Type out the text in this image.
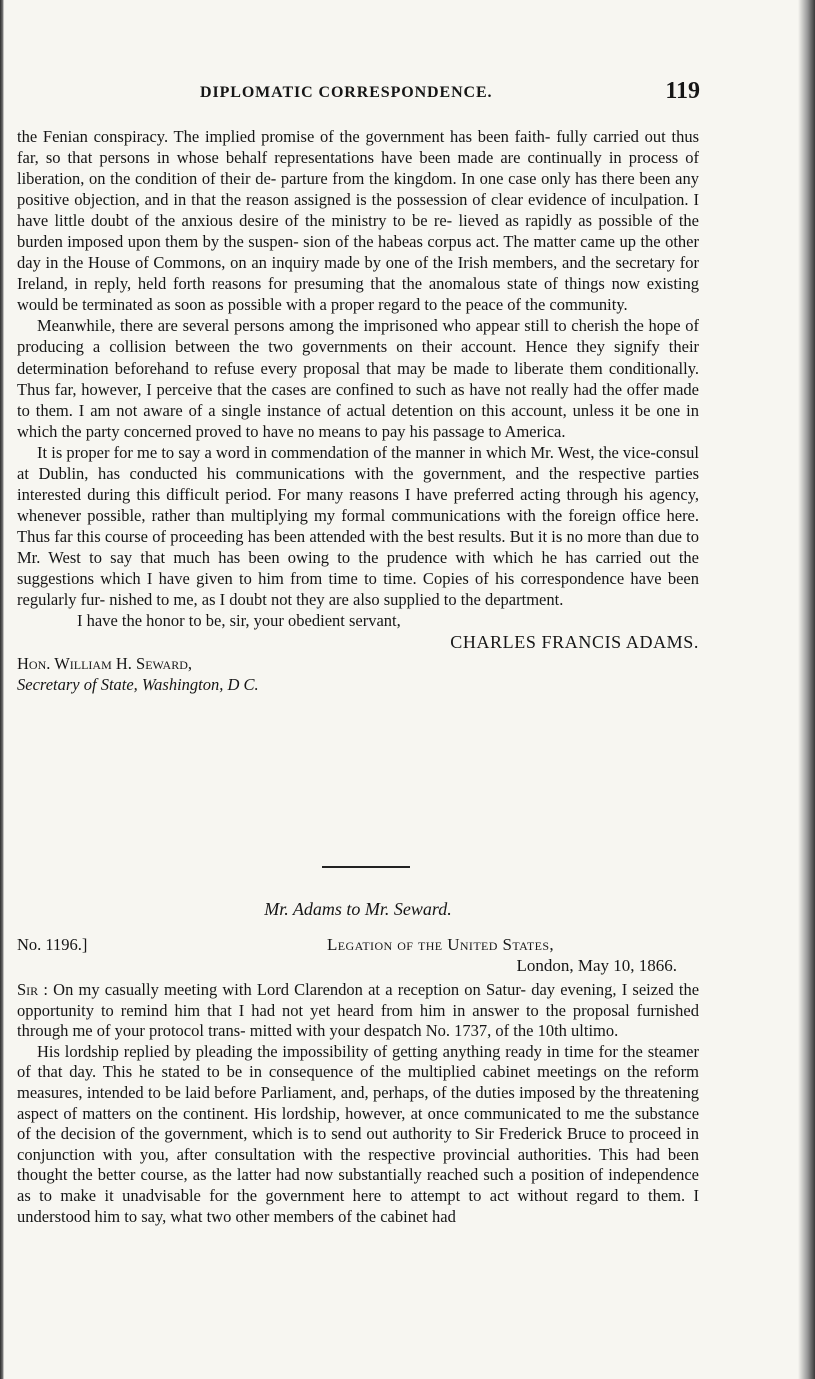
DIPLOMATIC CORRESPONDENCE.	119

the Fenian conspiracy. The implied promise of the government has been faith- fully carried out thus far, so that persons in whose behalf representations have been made are continually in process of liberation, on the condition of their de- parture from the kingdom. In one case only has there been any positive objection, and in that the reason assigned is the possession of clear evidence of inculpation. I have little doubt of the anxious desire of the ministry to be re- lieved as rapidly as possible of the burden imposed upon them by the suspen- sion of the habeas corpus act. The matter came up the other day in the House of Commons, on an inquiry made by one of the Irish members, and the secretary for Ireland, in reply, held forth reasons for presuming that the anomalous state of things now existing would be terminated as soon as possible with a proper regard to the peace of the community.

Meanwhile, there are several persons among the imprisoned who appear still to cherish the hope of producing a collision between the two governments on their account. Hence they signify their determination beforehand to refuse every proposal that may be made to liberate them conditionally. Thus far, however, I perceive that the cases are confined to such as have not really had the offer made to them. I am not aware of a single instance of actual detention on this account, unless it be one in which the party concerned proved to have no means to pay his passage to America.

It is proper for me to say a word in commendation of the manner in which Mr. West, the vice-consul at Dublin, has conducted his communications with the government, and the respective parties interested during this difficult period. For many reasons I have preferred acting through his agency, whenever possible, rather than multiplying my formal communications with the foreign office here. Thus far this course of proceeding has been attended with the best results. But it is no more than due to Mr. West to say that much has been owing to the prudence with which he has carried out the suggestions which I have given to him from time to time. Copies of his correspondence have been regularly fur- nished to me, as I doubt not they are also supplied to the department.

I have the honor to be, sir, your obedient servant,

CHARLES FRANCIS ADAMS.

Hon. William H. Seward,

Secretary of State, Washington, D C.

Mr. Adams to Mr. Seward.
No. 1196.]	Legation of the United States,
London, May 10, 1866.

Sir : On my casually meeting with Lord Clarendon at a reception on Satur- day evening, I seized the opportunity to remind him that I had not yet heard from him in answer to the proposal furnished through me of your protocol trans- mitted with your despatch No. 1737, of the 10th ultimo.

His lordship replied by pleading the impossibility of getting anything ready in time for the steamer of that day. This he stated to be in consequence of the multiplied cabinet meetings on the reform measures, intended to be laid before Parliament, and, perhaps, of the duties imposed by the threatening aspect of matters on the continent. His lordship, however, at once communicated to me the substance of the decision of the government, which is to send out authority to Sir Frederick Bruce to proceed in conjunction with you, after consultation with the respective provincial authorities. This had been thought the better course, as the latter had now substantially reached such a position of independence as to make it unadvisable for the government here to attempt to act without regard to them. I understood him to say, what two other members of the cabinet had
